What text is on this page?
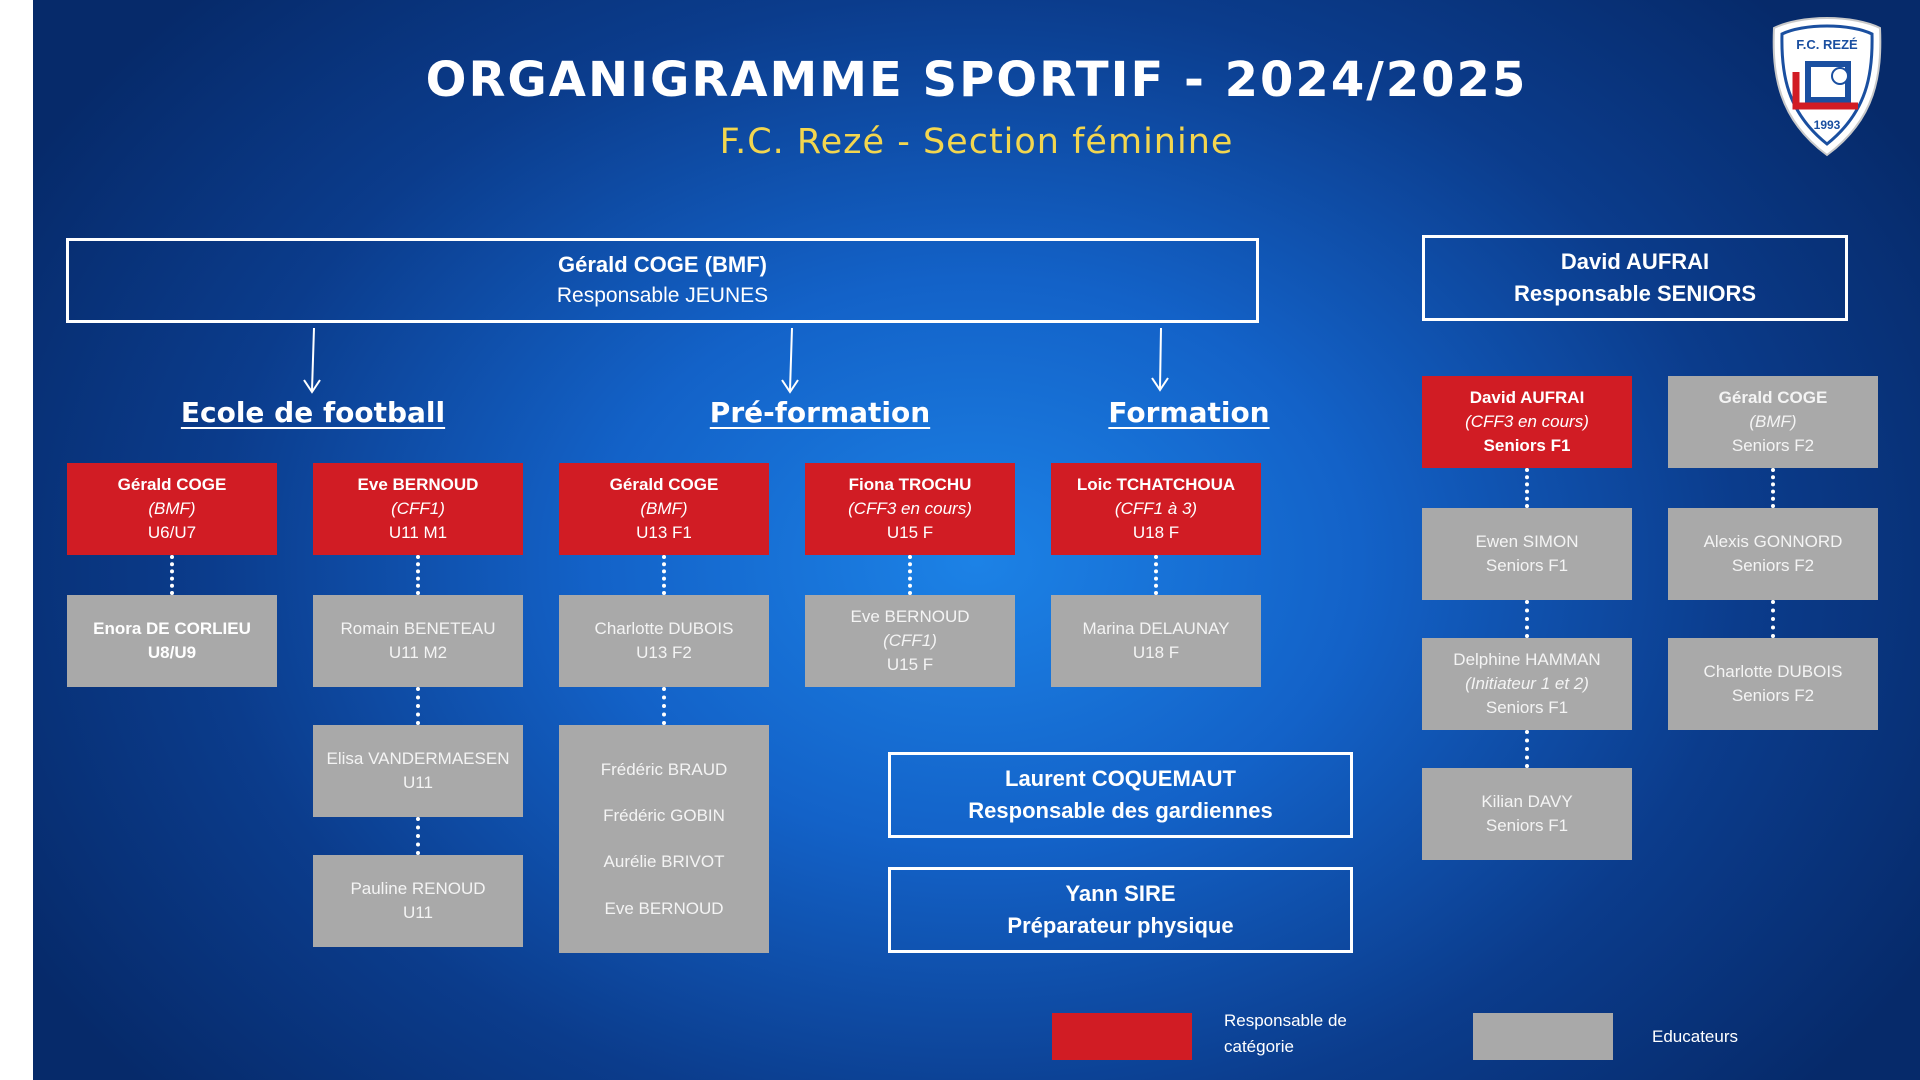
ORGANIGRAMME SPORTIF - 2024/2025
F.C. Rezé - Section féminine
F.C. REZÉ
1993
Gérald COGE (BMF)
Responsable JEUNES
David AUFRAI
Responsable SENIORS
Ecole de football	Pré-formation	Formation
Gérald COGE
(BMF)
U6/U7
Enora DE CORLIEU
U8/U9
Eve BERNOUD
(CFF1)
U11 M1
Romain BENETEAU
U11 M2
Elisa VANDERMAESEN
U11
Pauline RENOUD
U11
Gérald COGE
(BMF)
U13 F1
Charlotte DUBOIS
U13 F2
Frédéric BRAUD
Frédéric GOBIN
Aurélie BRIVOT
Eve BERNOUD
Fiona TROCHU
(CFF3 en cours)
U15 F
Eve BERNOUD
(CFF1)
U15 F
Loic TCHATCHOUA
(CFF1 à 3)
U18 F
Marina DELAUNAY
U18 F
Laurent COQUEMAUT
Responsable des gardiennes
Yann SIRE
Préparateur physique
David AUFRAI
(CFF3 en cours)
Seniors F1
Ewen SIMON
Seniors F1
Delphine HAMMAN
(Initiateur 1 et 2)
Seniors F1
Kilian DAVY
Seniors F1
Gérald COGE
(BMF)
Seniors F2
Alexis GONNORD
Seniors F2
Charlotte DUBOIS
Seniors F2
Responsable de
catégorie	Educateurs
